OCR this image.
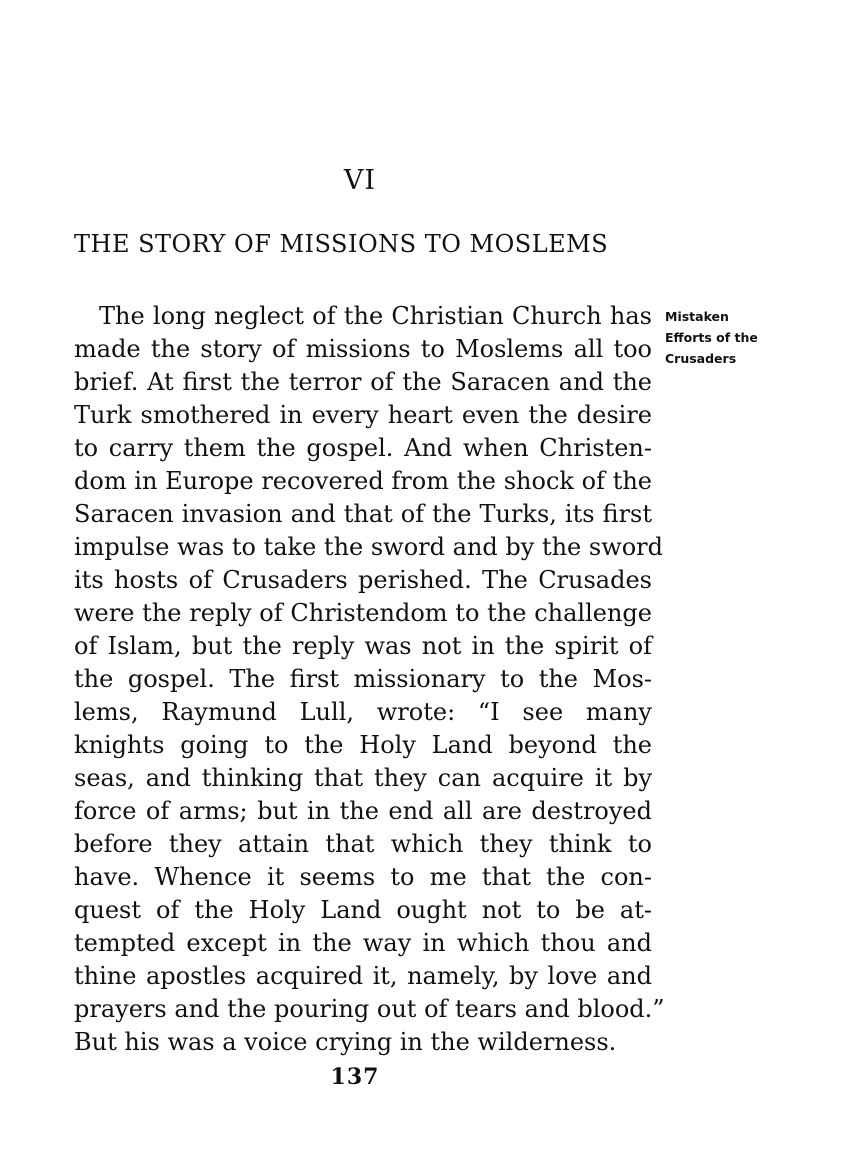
VI
THE STORY OF MISSIONS TO MOSLEMS
The long neglect of the Christian Church has
made the story of missions to Moslems all too
brief. At first the terror of the Saracen and the
Turk smothered in every heart even the desire
to carry them the gospel. And when Christen-
dom in Europe recovered from the shock of the
Saracen invasion and that of the Turks, its first
impulse was to take the sword and by the sword
its hosts of Crusaders perished. The Crusades
were the reply of Christendom to the challenge
of Islam, but the reply was not in the spirit of
the gospel. The first missionary to the Mos-
lems, Raymund Lull, wrote: “I see many
knights going to the Holy Land beyond the
seas, and thinking that they can acquire it by
force of arms; but in the end all are destroyed
before they attain that which they think to
have. Whence it seems to me that the con-
quest of the Holy Land ought not to be at-
tempted except in the way in which thou and
thine apostles acquired it, namely, by love and
prayers and the pouring out of tears and blood.”
But his was a voice crying in the wilderness.
Mistaken
Efforts of the
Crusaders
137
